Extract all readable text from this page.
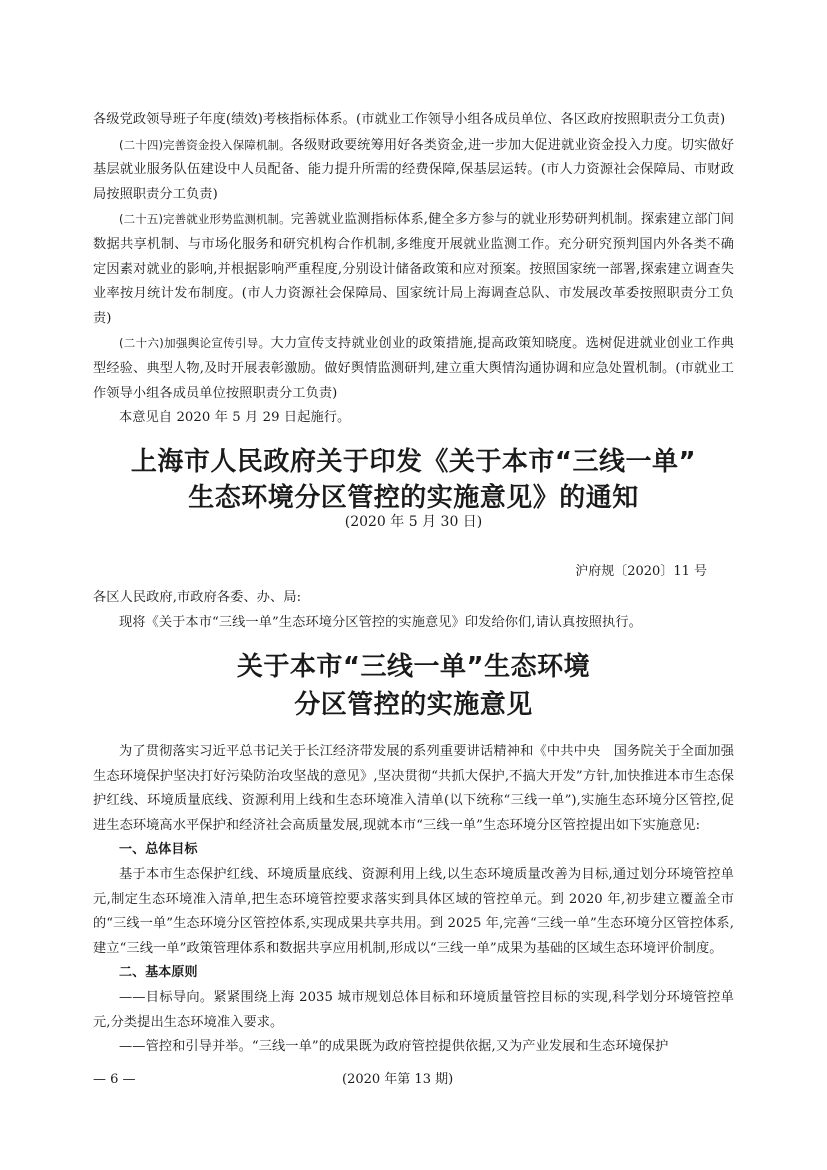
各级党政领导班子年度(绩效)考核指标体系。(市就业工作领导小组各成员单位、各区政府按照职责分工负责)

(二十四)完善资金投入保障机制。各级财政要统筹用好各类资金,进一步加大促进就业资金投入力度。切实做好基层就业服务队伍建设中人员配备、能力提升所需的经费保障,保基层运转。(市人力资源社会保障局、市财政局按照职责分工负责)

(二十五)完善就业形势监测机制。完善就业监测指标体系,健全多方参与的就业形势研判机制。探索建立部门间数据共享机制、与市场化服务和研究机构合作机制,多维度开展就业监测工作。充分研究预判国内外各类不确定因素对就业的影响,并根据影响严重程度,分别设计储备政策和应对预案。按照国家统一部署,探索建立调查失业率按月统计发布制度。(市人力资源社会保障局、国家统计局上海调查总队、市发展改革委按照职责分工负责)

(二十六)加强舆论宣传引导。大力宣传支持就业创业的政策措施,提高政策知晓度。选树促进就业创业工作典型经验、典型人物,及时开展表彰激励。做好舆情监测研判,建立重大舆情沟通协调和应急处置机制。(市就业工作领导小组各成员单位按照职责分工负责)

本意见自 2020 年 5 月 29 日起施行。

上海市人民政府关于印发《关于本市“三线一单”
生态环境分区管控的实施意见》的通知

(2020 年 5 月 30 日)

沪府规〔2020〕11 号

各区人民政府,市政府各委、办、局:

现将《关于本市“三线一单”生态环境分区管控的实施意见》印发给你们,请认真按照执行。

关于本市“三线一单”生态环境
分区管控的实施意见

为了贯彻落实习近平总书记关于长江经济带发展的系列重要讲话精神和《中共中央　国务院关于全面加强生态环境保护坚决打好污染防治攻坚战的意见》,坚决贯彻“共抓大保护,不搞大开发”方针,加快推进本市生态保护红线、环境质量底线、资源利用上线和生态环境准入清单(以下统称“三线一单”),实施生态环境分区管控,促进生态环境高水平保护和经济社会高质量发展,现就本市“三线一单”生态环境分区管控提出如下实施意见:

一、总体目标

基于本市生态保护红线、环境质量底线、资源利用上线,以生态环境质量改善为目标,通过划分环境管控单元,制定生态环境准入清单,把生态环境管控要求落实到具体区域的管控单元。到 2020 年,初步建立覆盖全市的“三线一单”生态环境分区管控体系,实现成果共享共用。到 2025 年,完善“三线一单”生态环境分区管控体系,建立“三线一单”政策管理体系和数据共享应用机制,形成以“三线一单”成果为基础的区域生态环境评价制度。

二、基本原则

——目标导向。紧紧围绕上海 2035 城市规划总体目标和环境质量管控目标的实现,科学划分环境管控单元,分类提出生态环境准入要求。

——管控和引导并举。“三线一单”的成果既为政府管控提供依据,又为产业发展和生态环境保护

— 6 —	(2020 年第 13 期)
